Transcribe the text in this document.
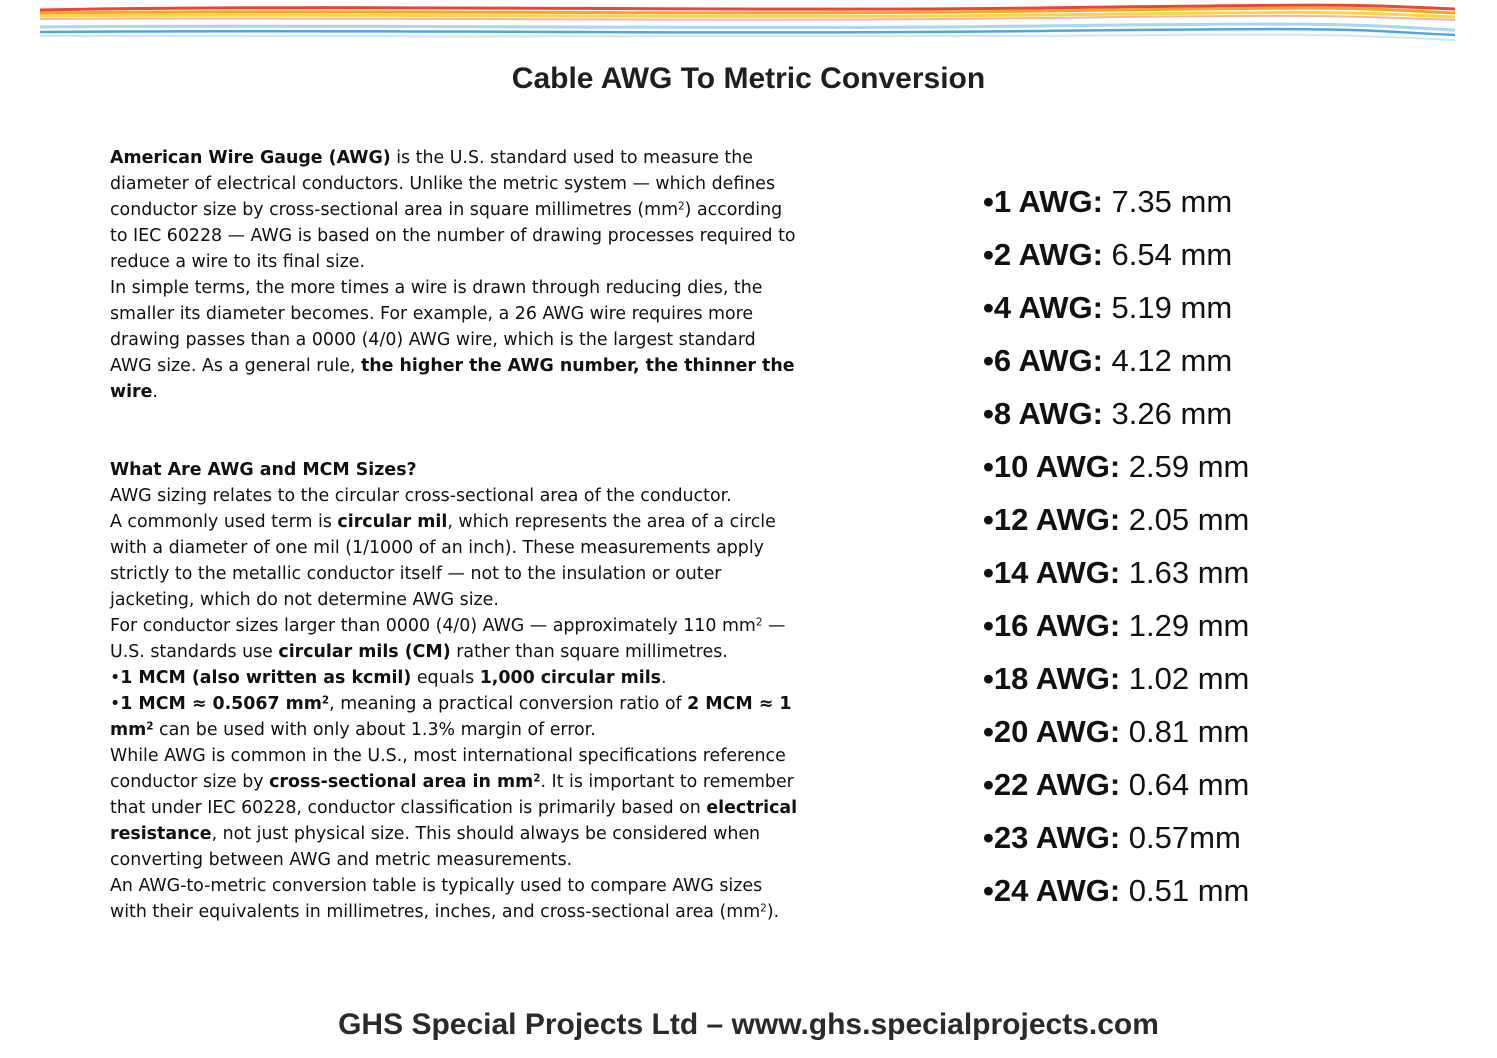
Cable AWG To Metric Conversion

American Wire Gauge (AWG) is the U.S. standard used to measure the diameter of electrical conductors. Unlike the metric system — which defines conductor size by cross-sectional area in square millimetres $(mm^2)$ according to IEC 60228 — AWG is based on the number of drawing processes required to reduce a wire to its final size.

In simple terms, the more times a wire is drawn through reducing dies, the smaller its diameter becomes. For example, a 26 AWG wire requires more drawing passes than a 0000 (4/0) AWG wire, which is the largest standard AWG size. As a general rule, the higher the AWG number, the thinner the wire.

What Are AWG and MCM Sizes?

AWG sizing relates to the circular cross-sectional area of the conductor.

A commonly used term is circular mil, which represents the area of a circle with a diameter of one mil (1/1000 of an inch). These measurements apply strictly to the metallic conductor itself — not to the insulation or outer jacketing, which do not determine AWG size.

For conductor sizes larger than 0000 (4/0) AWG — approximately 110 $mm^2$ — U.S. standards use circular mils (CM) rather than square millimetres.

•1 MCM (also written as kcmil) equals 1,000 circular mils.

•1 MCM ≈ 0.5067 $mm^2$, meaning a practical conversion ratio of 2 MCM ≈ 1 $mm^2$ can be used with only about 1.3% margin of error.

While AWG is common in the U.S., most international specifications reference conductor size by cross-sectional area in $mm^2$. It is important to remember that under IEC 60228, conductor classification is primarily based on electrical resistance, not just physical size. This should always be considered when converting between AWG and metric measurements.

An AWG-to-metric conversion table is typically used to compare AWG sizes with their equivalents in millimetres, inches, and cross-sectional area $(mm^2)$.

•1 AWG: 7.35 mm
•2 AWG: 6.54 mm
•4 AWG: 5.19 mm
•6 AWG: 4.12 mm
•8 AWG: 3.26 mm
•10 AWG: 2.59 mm
•12 AWG: 2.05 mm
•14 AWG: 1.63 mm
•16 AWG: 1.29 mm
•18 AWG: 1.02 mm
•20 AWG: 0.81 mm
•22 AWG: 0.64 mm
•23 AWG: 0.57mm
•24 AWG: 0.51 mm
GHS Special Projects Ltd – www.ghs.specialprojects.com
